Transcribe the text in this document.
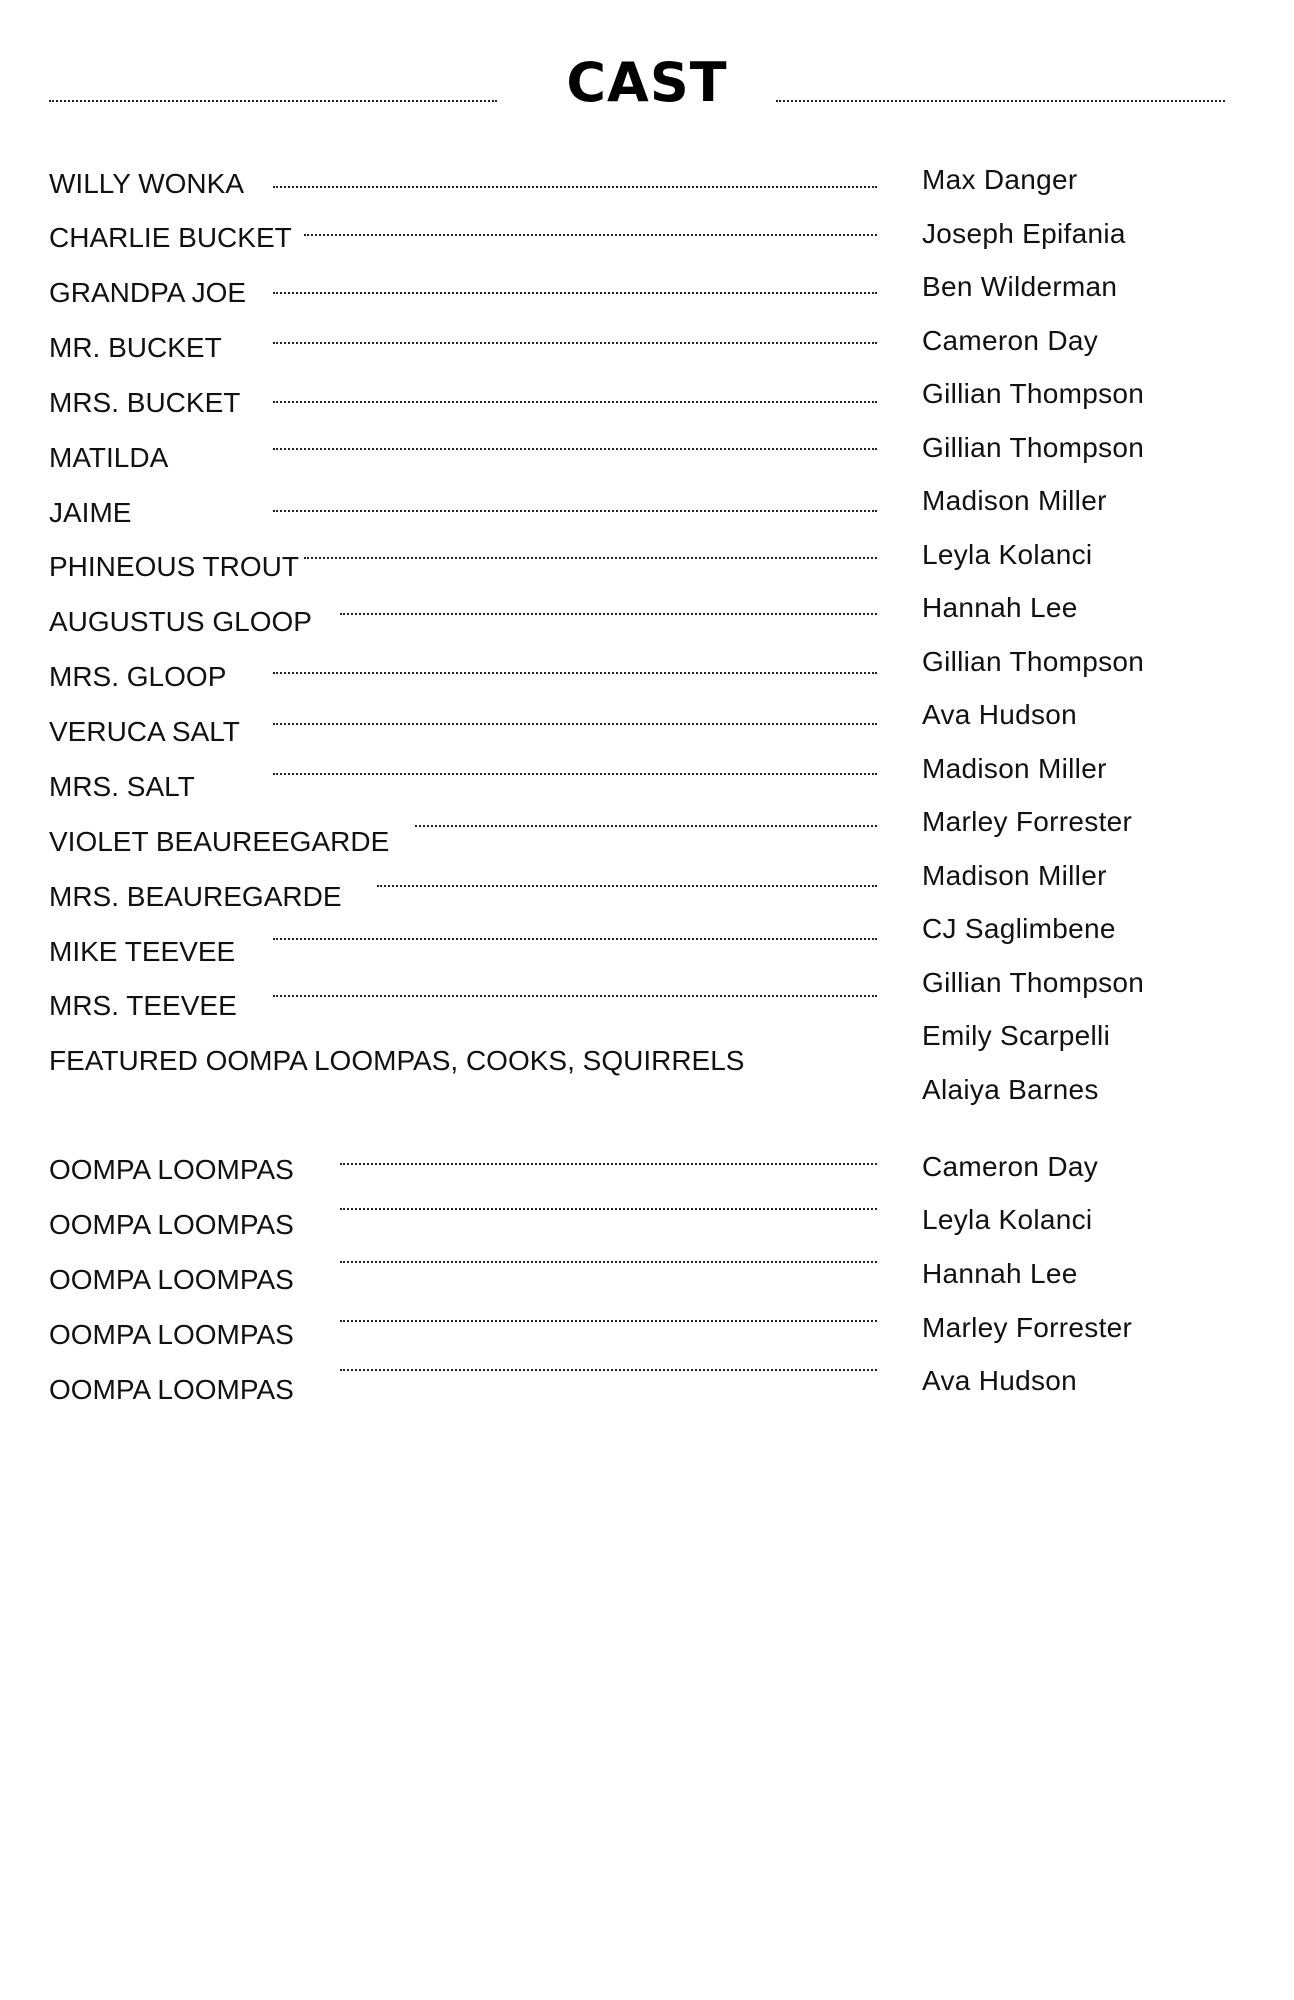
CAST
WILLY WONKA
CHARLIE BUCKET
GRANDPA JOE
MR. BUCKET
MRS. BUCKET
MATILDA
JAIME
PHINEOUS TROUT
AUGUSTUS GLOOP
MRS. GLOOP
VERUCA SALT
MRS. SALT
VIOLET BEAUREEGARDE
MRS. BEAUREGARDE
MIKE TEEVEE
MRS. TEEVEE
FEATURED OOMPA LOOMPAS, COOKS, SQUIRRELS
OOMPA LOOMPAS
OOMPA LOOMPAS
OOMPA LOOMPAS
OOMPA LOOMPAS
OOMPA LOOMPAS
Max Danger
Joseph Epifania
Ben Wilderman
Cameron Day
Gillian Thompson
Gillian Thompson
Madison Miller
Leyla Kolanci
Hannah Lee
Gillian Thompson
Ava Hudson
Madison Miller
Marley Forrester
Madison Miller
CJ Saglimbene
Gillian Thompson
Emily Scarpelli
Alaiya Barnes
Cameron Day
Leyla Kolanci
Hannah Lee
Marley Forrester
Ava Hudson
